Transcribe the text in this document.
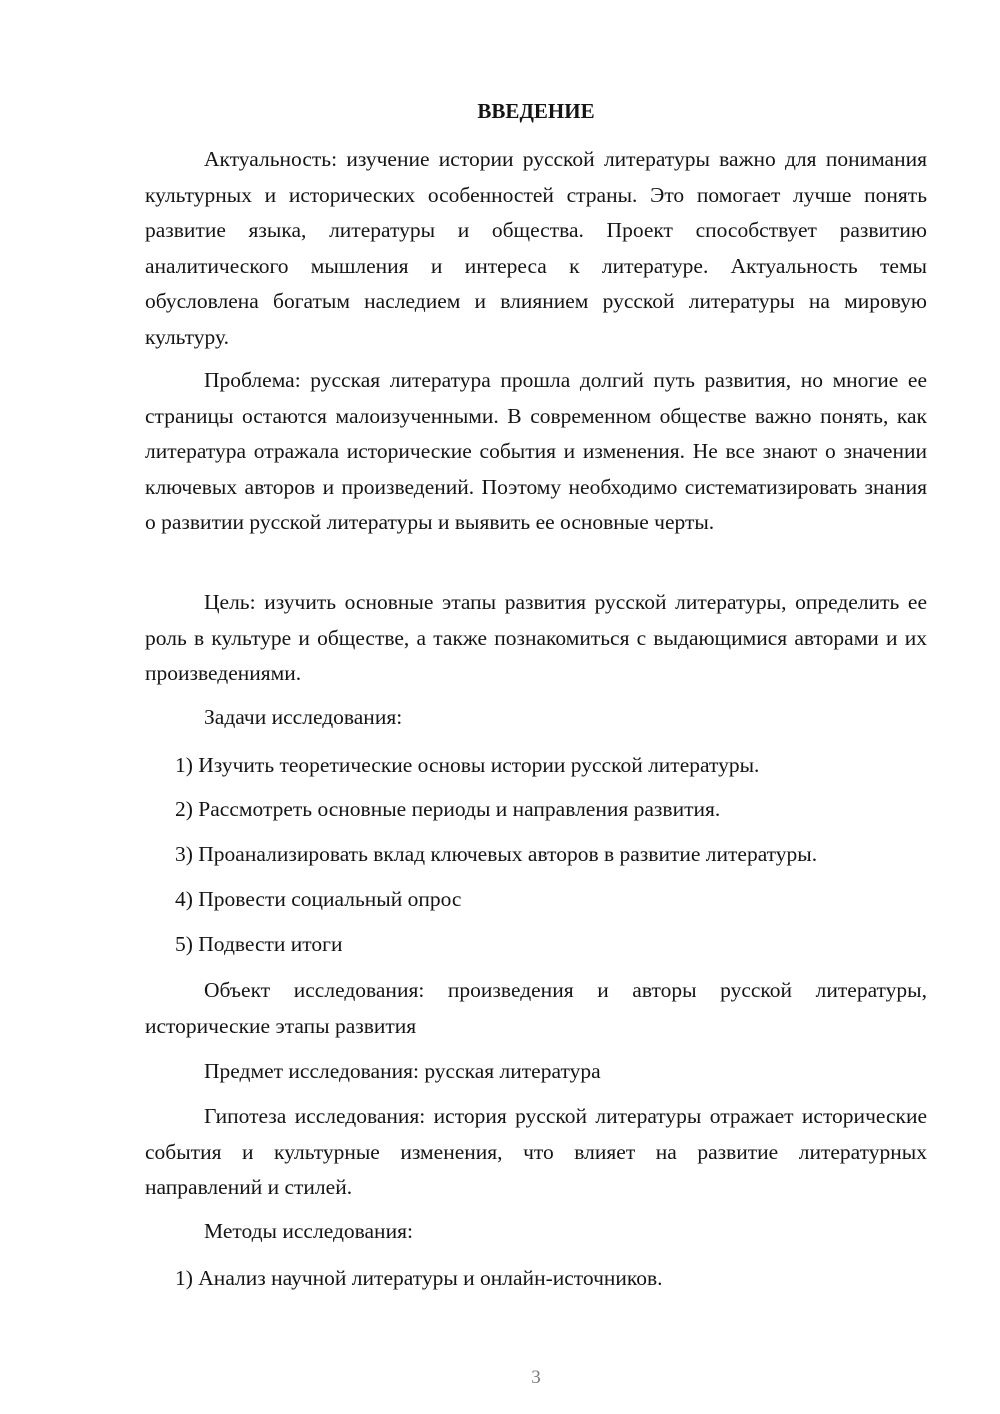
ВВЕДЕНИЕ

Актуальность: изучение истории русской литературы важно для понимания культурных и исторических особенностей страны. Это помогает лучше понять развитие языка, литературы и общества. Проект способствует развитию аналитического мышления и интереса к литературе. Актуальность темы обусловлена богатым наследием и влиянием русской литературы на мировую культуру.

Проблема: русская литература прошла долгий путь развития, но многие ее страницы остаются малоизученными. В современном обществе важно понять, как литература отражала исторические события и изменения. Не все знают о значении ключевых авторов и произведений. Поэтому необходимо систематизировать знания о развитии русской литературы и выявить ее основные черты.

Цель: изучить основные этапы развития русской литературы, определить ее роль в культуре и обществе, а также познакомиться с выдающимися авторами и их произведениями.

Задачи исследования:

1) Изучить теоретические основы истории русской литературы.

2) Рассмотреть основные периоды и направления развития.

3) Проанализировать вклад ключевых авторов в развитие литературы.

4) Провести социальный опрос

5) Подвести итоги

Объект исследования: произведения и авторы русской литературы, исторические этапы развития

Предмет исследования: русская литература

Гипотеза исследования: история русской литературы отражает исторические события и культурные изменения, что влияет на развитие литературных направлений и стилей.

Методы исследования:

1) Анализ научной литературы и онлайн-источников.

3
